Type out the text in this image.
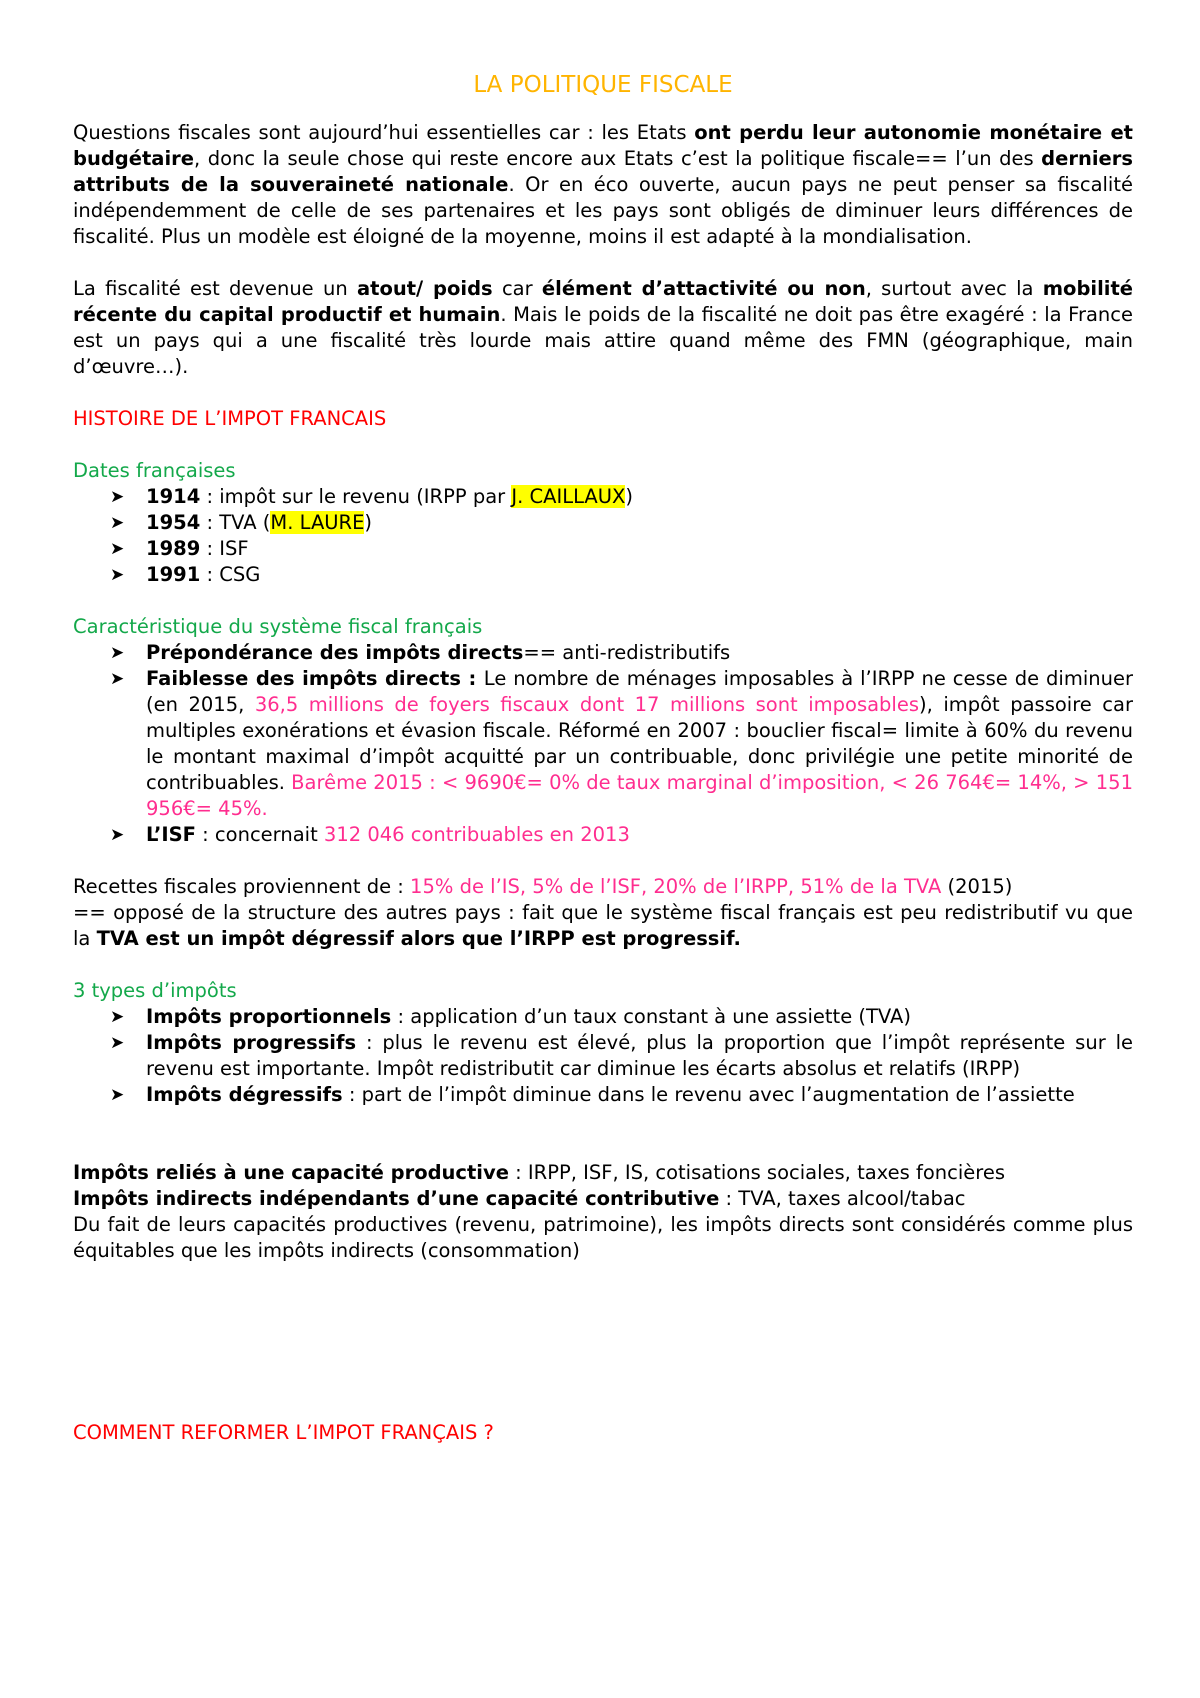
LA POLITIQUE FISCALE

Questions fiscales sont aujourd’hui essentielles car : les Etats ont perdu leur autonomie monétaire et budgétaire, donc la seule chose qui reste encore aux Etats c’est la politique fiscale== l’un des derniers attributs de la souveraineté nationale. Or en éco ouverte, aucun pays ne peut penser sa fiscalité indépendemment de celle de ses partenaires et les pays sont obligés de diminuer leurs différences de fiscalité. Plus un modèle est éloigné de la moyenne, moins il est adapté à la mondialisation.

La fiscalité est devenue un atout/ poids car élément d’attactivité ou non, surtout avec la mobilité récente du capital productif et humain. Mais le poids de la fiscalité ne doit pas être exagéré : la France est un pays qui a une fiscalité très lourde mais attire quand même des FMN (géographique, main d’œuvre…).

HISTOIRE DE L’IMPOT FRANCAIS

Dates françaises

➤ 1914 : impôt sur le revenu (IRPP par J. CAILLAUX)
➤ 1954 : TVA (M. LAURE)
➤ 1989 : ISF
➤ 1991 : CSG

Caractéristique du système fiscal français

➤ Prépondérance des impôts directs== anti-redistributifs
➤ Faiblesse des impôts directs : Le nombre de ménages imposables à l’IRPP ne cesse de diminuer (en 2015, 36,5 millions de foyers fiscaux dont 17 millions sont imposables), impôt passoire car multiples exonérations et évasion fiscale. Réformé en 2007 : bouclier fiscal= limite à 60% du revenu le montant maximal d’impôt acquitté par un contribuable, donc privilégie une petite minorité de contribuables. Barême 2015 : < 9690€= 0% de taux marginal d’imposition, < 26 764€= 14%, > 151 956€= 45%.
➤ L’ISF : concernait 312 046 contribuables en 2013

Recettes fiscales proviennent de : 15% de l’IS, 5% de l’ISF, 20% de l’IRPP, 51% de la TVA (2015)

== opposé de la structure des autres pays : fait que le système fiscal français est peu redistributif vu que la TVA est un impôt dégressif alors que l’IRPP est progressif.

3 types d’impôts

➤ Impôts proportionnels : application d’un taux constant à une assiette (TVA)
➤ Impôts progressifs : plus le revenu est élevé, plus la proportion que l’impôt représente sur le revenu est importante. Impôt redistributit car diminue les écarts absolus et relatifs (IRPP)
➤ Impôts dégressifs : part de l’impôt diminue dans le revenu avec l’augmentation de l’assiette

Impôts reliés à une capacité productive : IRPP, ISF, IS, cotisations sociales, taxes foncières

Impôts indirects indépendants d’une capacité contributive : TVA, taxes alcool/tabac

Du fait de leurs capacités productives (revenu, patrimoine), les impôts directs sont considérés comme plus équitables que les impôts indirects (consommation)

COMMENT REFORMER L’IMPOT FRANÇAIS ?
